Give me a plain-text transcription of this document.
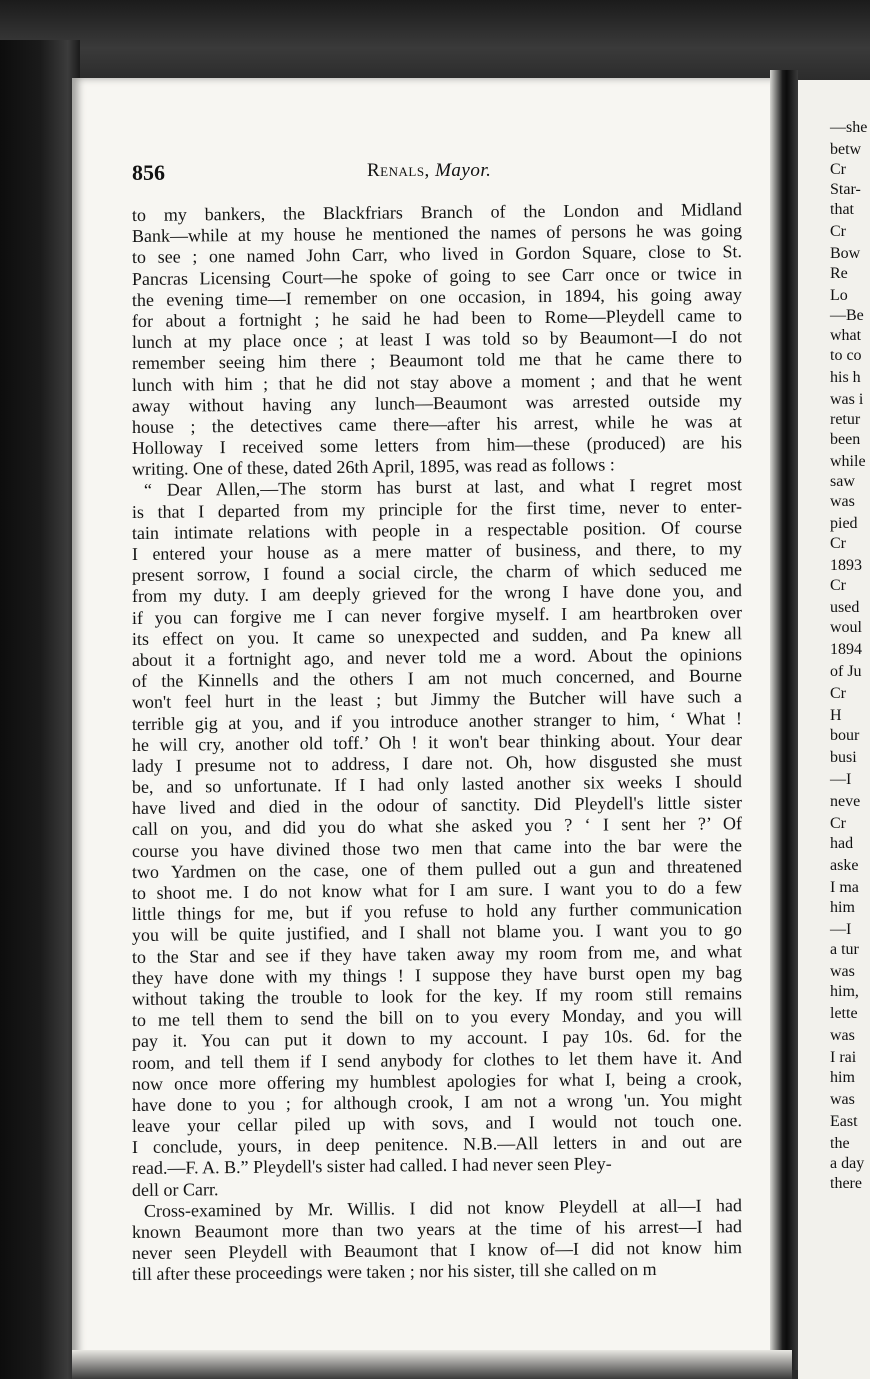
—she
betw
Cr
Star-
that
Cr
Bow
Re
Lo
—Be
what
to co
his h
was i
retur
been
while
saw
was
pied
Cr
1893
Cr
used
woul
1894
of Ju
Cr
H
bour
busi
—I
neve
Cr
had
aske
I ma
him
—I
a tur
was
him,
lette
was
I rai
him
was
East
the
a day
there
856	Renals, Mayor.
to my bankers, the Blackfriars Branch of the London and Midland
Bank—while at my house he mentioned the names of persons he was going
to see ; one named John Carr, who lived in Gordon Square, close to St.
Pancras Licensing Court—he spoke of going to see Carr once or twice in
the evening time—I remember on one occasion, in 1894, his going away
for about a fortnight ; he said he had been to Rome—Pleydell came to
lunch at my place once ; at least I was told so by Beaumont—I do not
remember seeing him there ; Beaumont told me that he came there to
lunch with him ; that he did not stay above a moment ; and that he went
away without having any lunch—Beaumont was arrested outside my
house ; the detectives came there—after his arrest, while he was at
Holloway I received some letters from him—these (produced) are his
writing. One of these, dated 26th April, 1895, was read as follows :
“ Dear Allen,—The storm has burst at last, and what I regret most
is that I departed from my principle for the first time, never to enter-
tain intimate relations with people in a respectable position. Of course
I entered your house as a mere matter of business, and there, to my
present sorrow, I found a social circle, the charm of which seduced me
from my duty. I am deeply grieved for the wrong I have done you, and
if you can forgive me I can never forgive myself. I am heartbroken over
its effect on you. It came so unexpected and sudden, and Pa knew all
about it a fortnight ago, and never told me a word. About the opinions
of the Kinnells and the others I am not much concerned, and Bourne
won't feel hurt in the least ; but Jimmy the Butcher will have such a
terrible gig at you, and if you introduce another stranger to him, ‘ What !
he will cry, another old toff.’ Oh ! it won't bear thinking about. Your dear
lady I presume not to address, I dare not. Oh, how disgusted she must
be, and so unfortunate. If I had only lasted another six weeks I should
have lived and died in the odour of sanctity. Did Pleydell's little sister
call on you, and did you do what she asked you ? ‘ I sent her ?’ Of
course you have divined those two men that came into the bar were the
two Yardmen on the case, one of them pulled out a gun and threatened
to shoot me. I do not know what for I am sure. I want you to do a few
little things for me, but if you refuse to hold any further communication
you will be quite justified, and I shall not blame you. I want you to go
to the Star and see if they have taken away my room from me, and what
they have done with my things ! I suppose they have burst open my bag
without taking the trouble to look for the key. If my room still remains
to me tell them to send the bill on to you every Monday, and you will
pay it. You can put it down to my account. I pay 10s. 6d. for the
room, and tell them if I send anybody for clothes to let them have it. And
now once more offering my humblest apologies for what I, being a crook,
have done to you ; for although crook, I am not a wrong 'un. You might
leave your cellar piled up with sovs, and I would not touch one.
I conclude, yours, in deep penitence. N.B.—All letters in and out are
read.—F. A. B.” Pleydell's sister had called. I had never seen Pley-
dell or Carr.
Cross-examined by Mr. Willis. I did not know Pleydell at all—I had
known Beaumont more than two years at the time of his arrest—I had
never seen Pleydell with Beaumont that I know of—I did not know him
till after these proceedings were taken ; nor his sister, till she called on m
